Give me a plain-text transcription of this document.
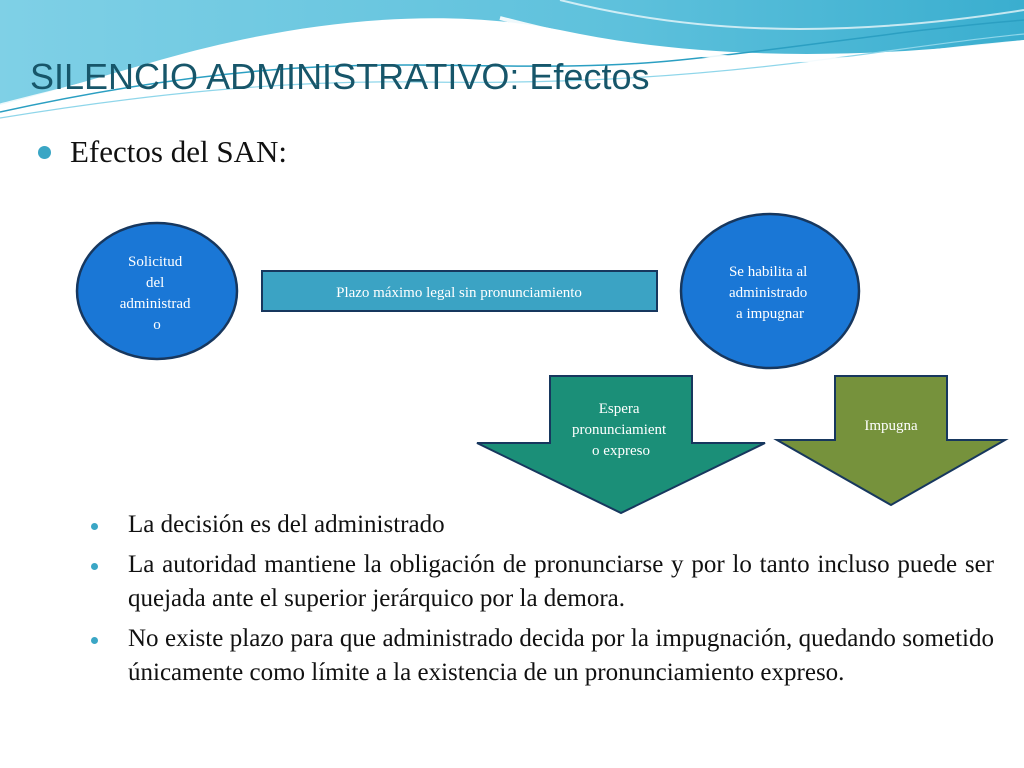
SILENCIO ADMINISTRATIVO: Efectos
Efectos del SAN:
Solicitud del administrad o
Plazo máximo legal sin pronunciamiento
Se habilita al administrado a impugnar
Espera pronunciamient o expreso
Impugna
La decisión es del administrado
La autoridad mantiene la obligación de pronunciarse y por lo tanto incluso puede ser quejada ante el superior jerárquico por la demora.
No existe plazo para que administrado decida por la impugnación, quedando sometido únicamente como límite a la existencia de un pronunciamiento expreso.
